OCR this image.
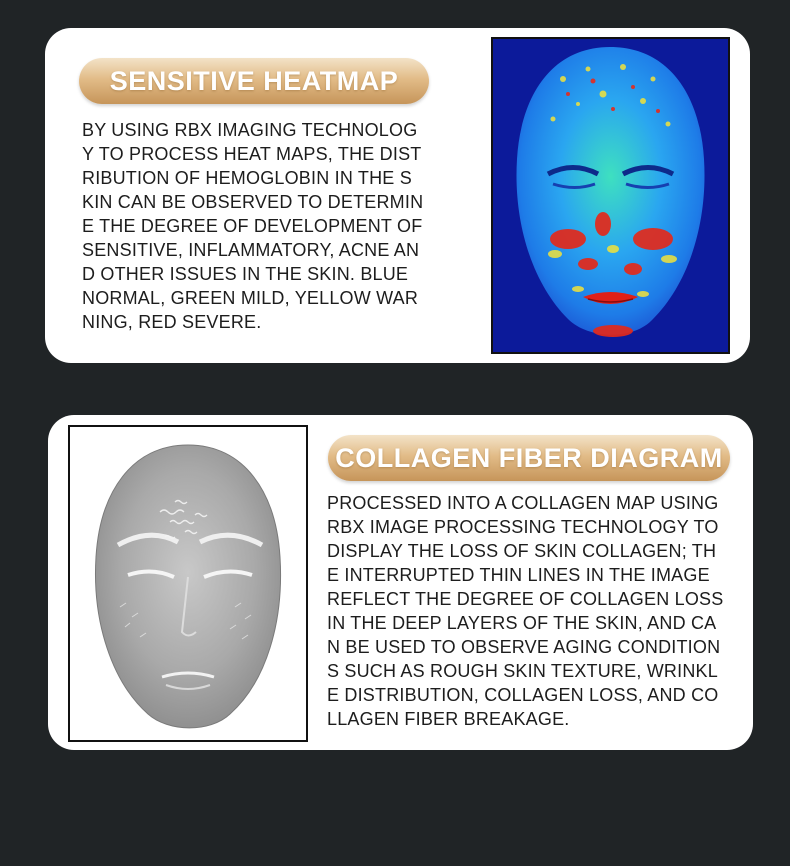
SENSITIVE HEATMAP

BY USING RBX IMAGING TECHNOLOG
Y TO PROCESS HEAT MAPS, THE DIST
RIBUTION OF HEMOGLOBIN IN THE S
KIN CAN BE OBSERVED TO DETERMIN
E THE DEGREE OF DEVELOPMENT OF
SENSITIVE, INFLAMMATORY, ACNE AN
D OTHER ISSUES IN THE SKIN. BLUE
NORMAL, GREEN MILD, YELLOW WAR
NING, RED SEVERE.

COLLAGEN FIBER DIAGRAM

PROCESSED INTO A COLLAGEN MAP USING
RBX IMAGE PROCESSING TECHNOLOGY TO
DISPLAY THE LOSS OF SKIN COLLAGEN; TH
E INTERRUPTED THIN LINES IN THE IMAGE
REFLECT THE DEGREE OF COLLAGEN LOSS
IN THE DEEP LAYERS OF THE SKIN, AND CA
N BE USED TO OBSERVE AGING CONDITION
S SUCH AS ROUGH SKIN TEXTURE, WRINKL
E DISTRIBUTION, COLLAGEN LOSS, AND CO
LLAGEN FIBER BREAKAGE.
